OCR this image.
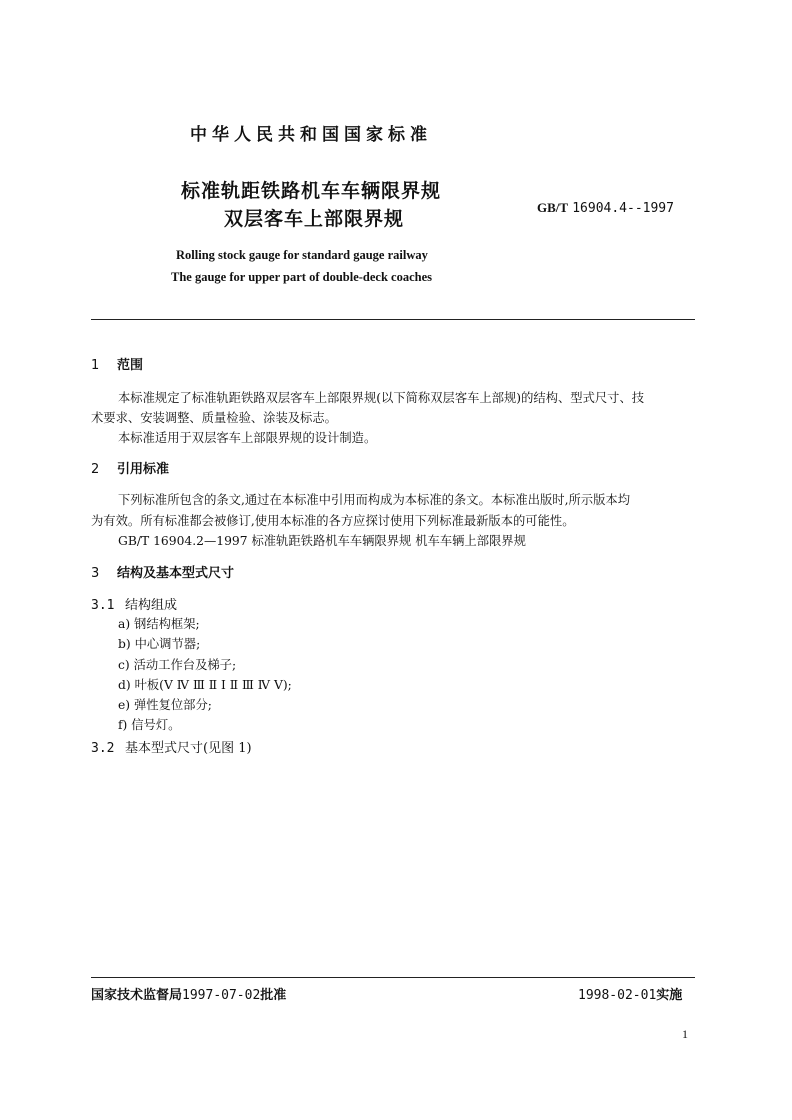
中华人民共和国国家标准
标准轨距铁路机车车辆限界规
双层客车上部限界规
GB/T 16904.4--1997
Rolling stock gauge for standard gauge railway
The gauge for upper part of double-deck coaches
1 范围
本标准规定了标准轨距铁路双层客车上部限界规(以下简称双层客车上部规)的结构、型式尺寸、技
术要求、安装调整、质量检验、涂装及标志。
本标准适用于双层客车上部限界规的设计制造。
2 引用标准
下列标准所包含的条文,通过在本标准中引用而构成为本标准的条文。本标准出版时,所示版本均
为有效。所有标准都会被修订,使用本标准的各方应探讨使用下列标准最新版本的可能性。
GB/T 16904.2—1997 标准轨距铁路机车车辆限界规 机车车辆上部限界规
3 结构及基本型式尺寸
3.1 结构组成
a) 钢结构框架;
b) 中心调节器;
c) 活动工作台及梯子;
d) 叶板(V Ⅳ Ⅲ Ⅱ Ⅰ Ⅱ Ⅲ Ⅳ V);
e) 弹性复位部分;
f) 信号灯。
3.2 基本型式尺寸(见图 1)
国家技术监督局1997-07-02批准	1998-02-01实施
1
